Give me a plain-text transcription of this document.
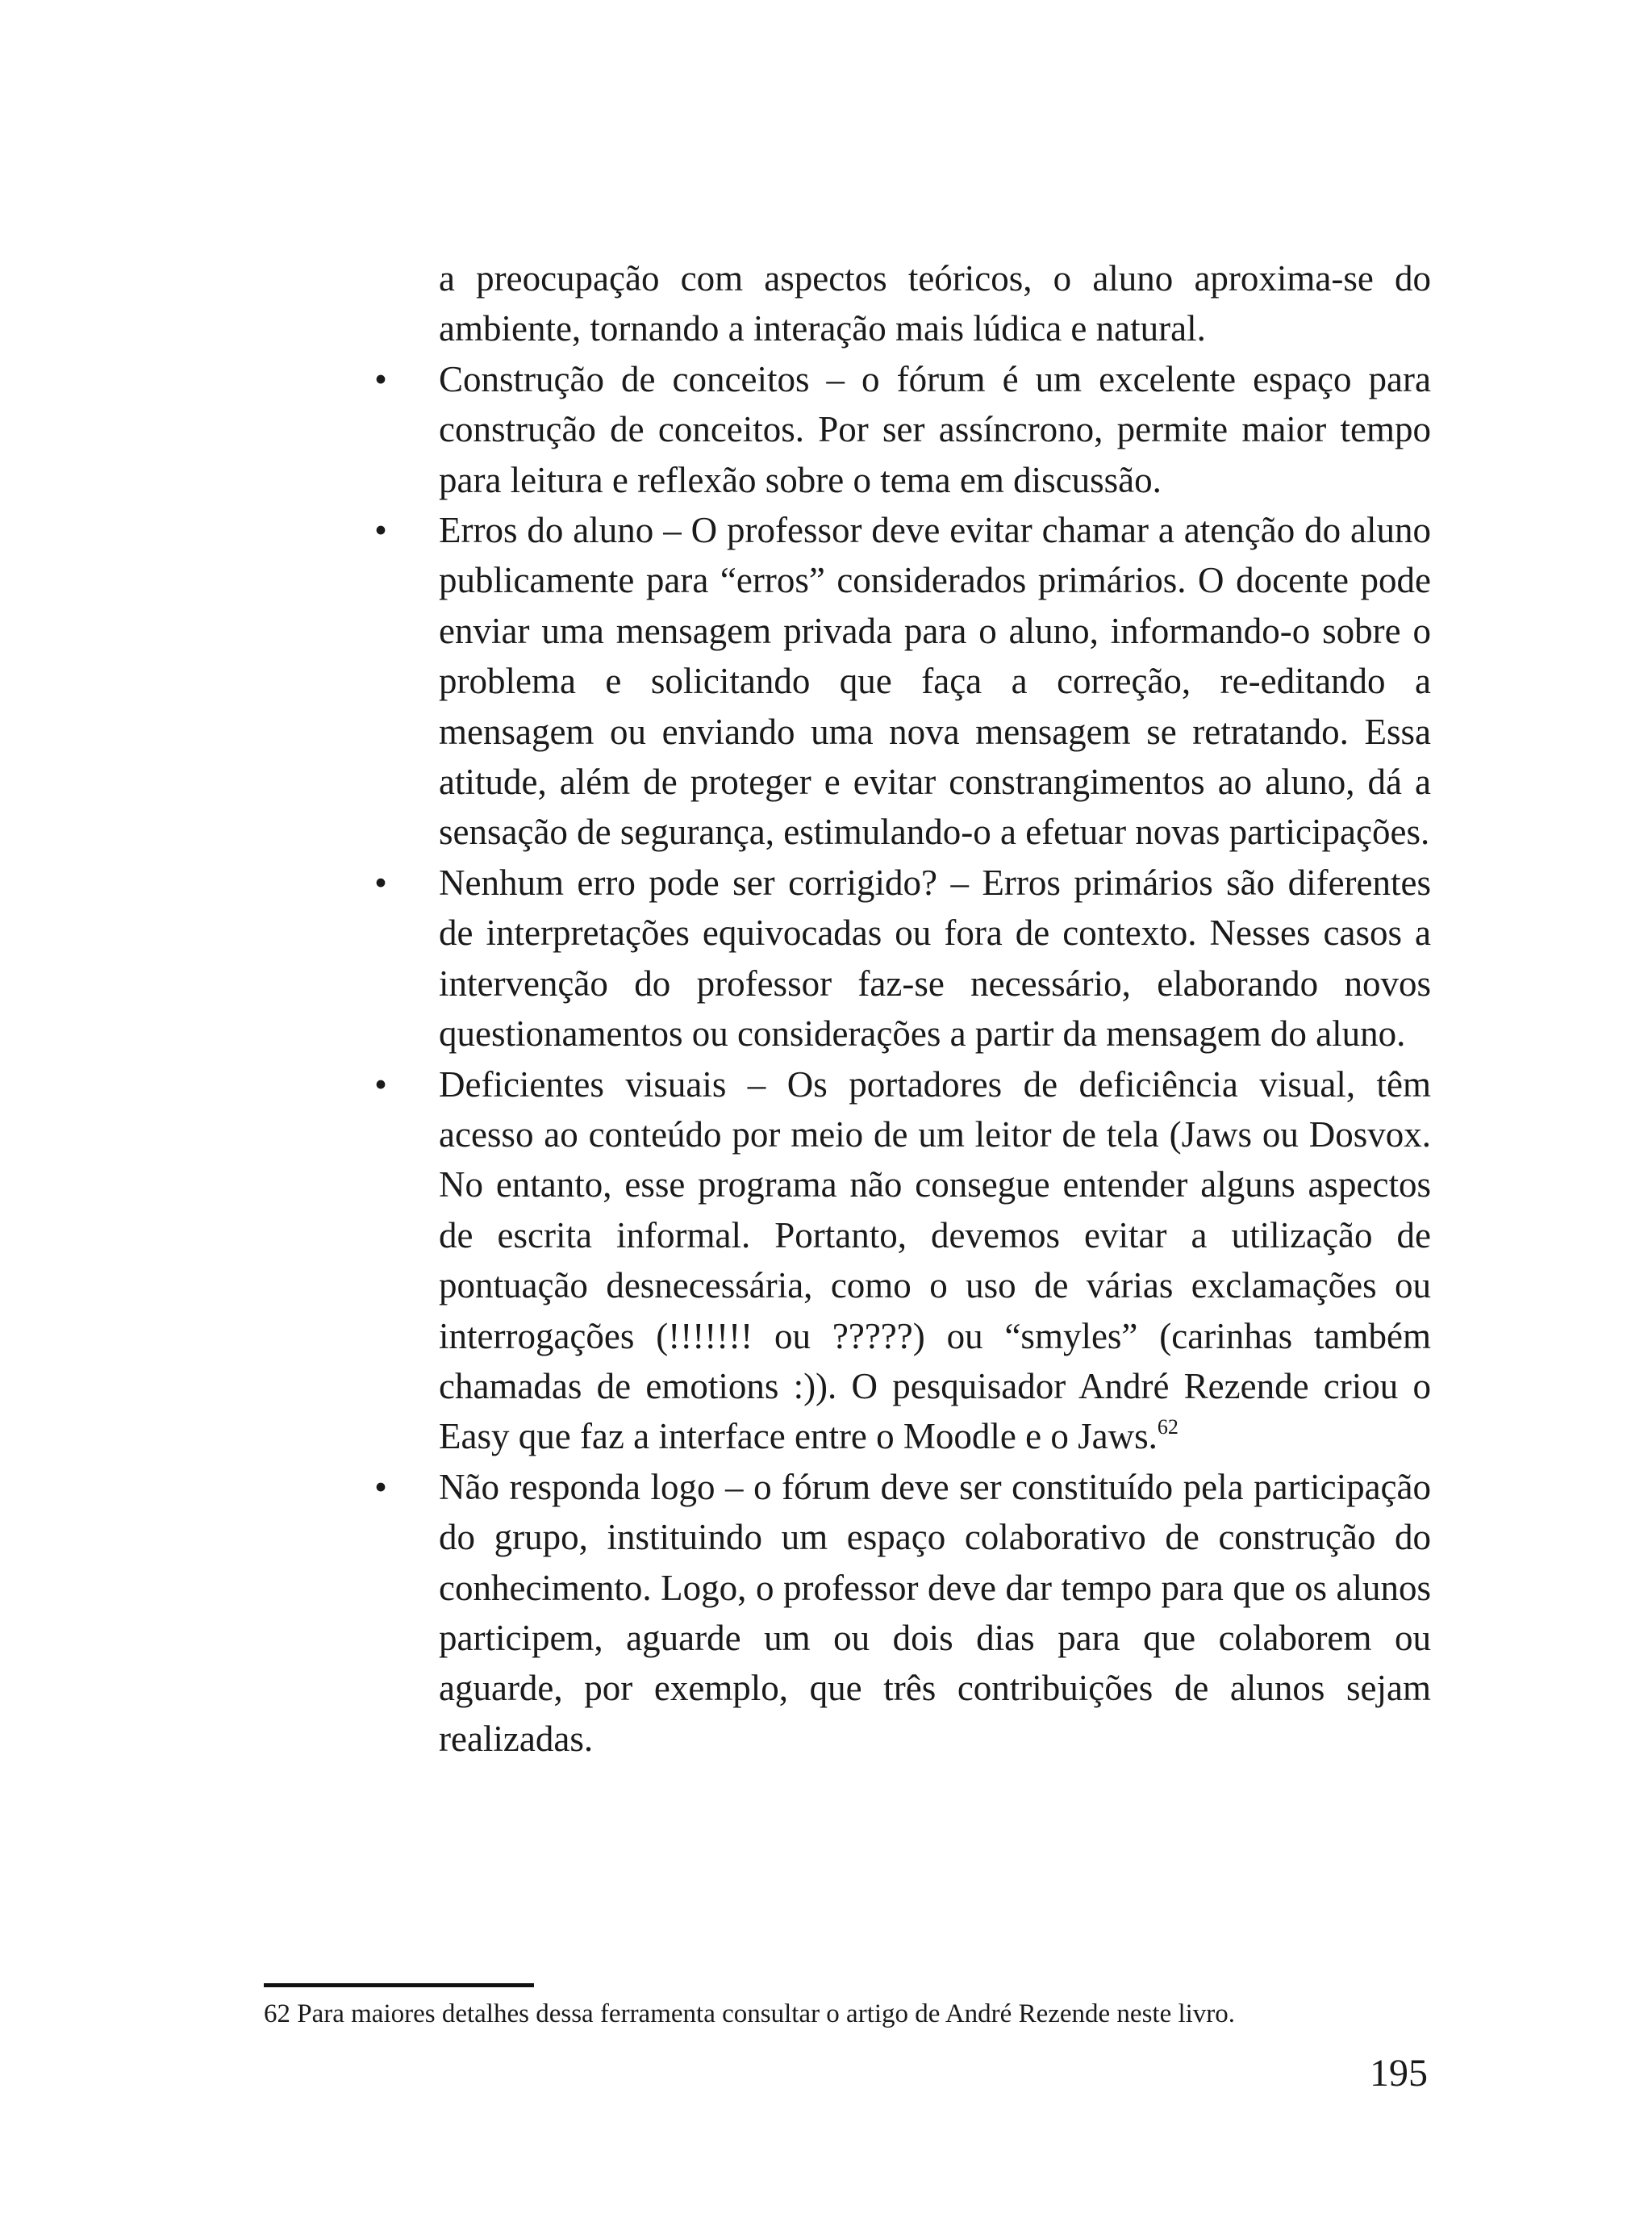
a preocupação com aspectos teóricos, o aluno aproxima-se do ambiente, tornando a interação mais lúdica e natural.

• Construção de conceitos – o fórum é um excelente espaço para construção de conceitos. Por ser assíncrono, permite maior tempo para leitura e reflexão sobre o tema em discussão.
• Erros do aluno – O professor deve evitar chamar a atenção do aluno publicamente para “erros” considerados primários. O docente pode enviar uma mensagem privada para o aluno, informando-o sobre o problema e solicitando que faça a correção, re-editando a mensagem ou enviando uma nova mensagem se retratando. Essa atitude, além de proteger e evitar constrangimentos ao aluno, dá a sensação de segurança, estimulando-o a efetuar novas participações.
• Nenhum erro pode ser corrigido? – Erros primários são diferentes de interpretações equivocadas ou fora de contexto. Nesses casos a intervenção do professor faz-se necessário, elaborando novos questionamentos ou considerações a partir da mensagem do aluno.
• Deficientes visuais – Os portadores de deficiência visual, têm acesso ao conteúdo por meio de um leitor de tela (Jaws ou Dosvox. No entanto, esse programa não consegue entender alguns aspectos de escrita informal. Portanto, devemos evitar a utilização de pontuação desnecessária, como o uso de várias exclamações ou interrogações (!!!!!!! ou ?????) ou “smyles” (carinhas também chamadas de emotions :)). O pesquisador André Rezende criou o Easy que faz a interface entre o Moodle e o Jaws.$^{62}$
• Não responda logo – o fórum deve ser constituído pela participação do grupo, instituindo um espaço colaborativo de construção do conhecimento. Logo, o professor deve dar tempo para que os alunos participem, aguarde um ou dois dias para que colaborem ou aguarde, por exemplo, que três contribuições de alunos sejam realizadas.

62 Para maiores detalhes dessa ferramenta consultar o artigo de André Rezende neste livro.

195
